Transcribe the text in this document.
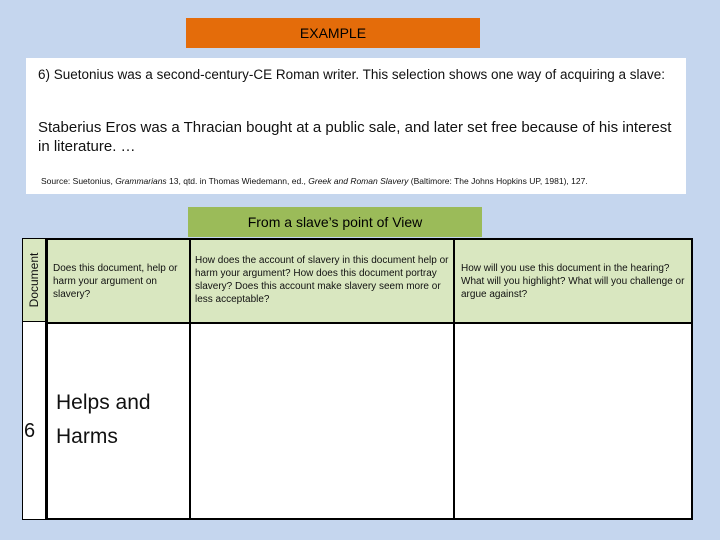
EXAMPLE
6) Suetonius was a second-century-CE Roman writer. This selection shows one way of acquiring a slave:
Staberius Eros was a Thracian bought at a public sale, and later set free because of his interest in literature. …
Source: Suetonius, Grammarians 13, qtd. in Thomas Wiedemann, ed., Greek and Roman Slavery (Baltimore: The Johns Hopkins UP, 1981), 127.
From a slave’s point of View
Document
6
Does this document, help or harm your argument on slavery?
How does the account of slavery in this document help or harm your argument? How does this document portray slavery? Does this account make slavery seem more or less acceptable?
How will you use this document in the hearing? What will you highlight? What will you challenge or argue against?
Helps and
Harms
